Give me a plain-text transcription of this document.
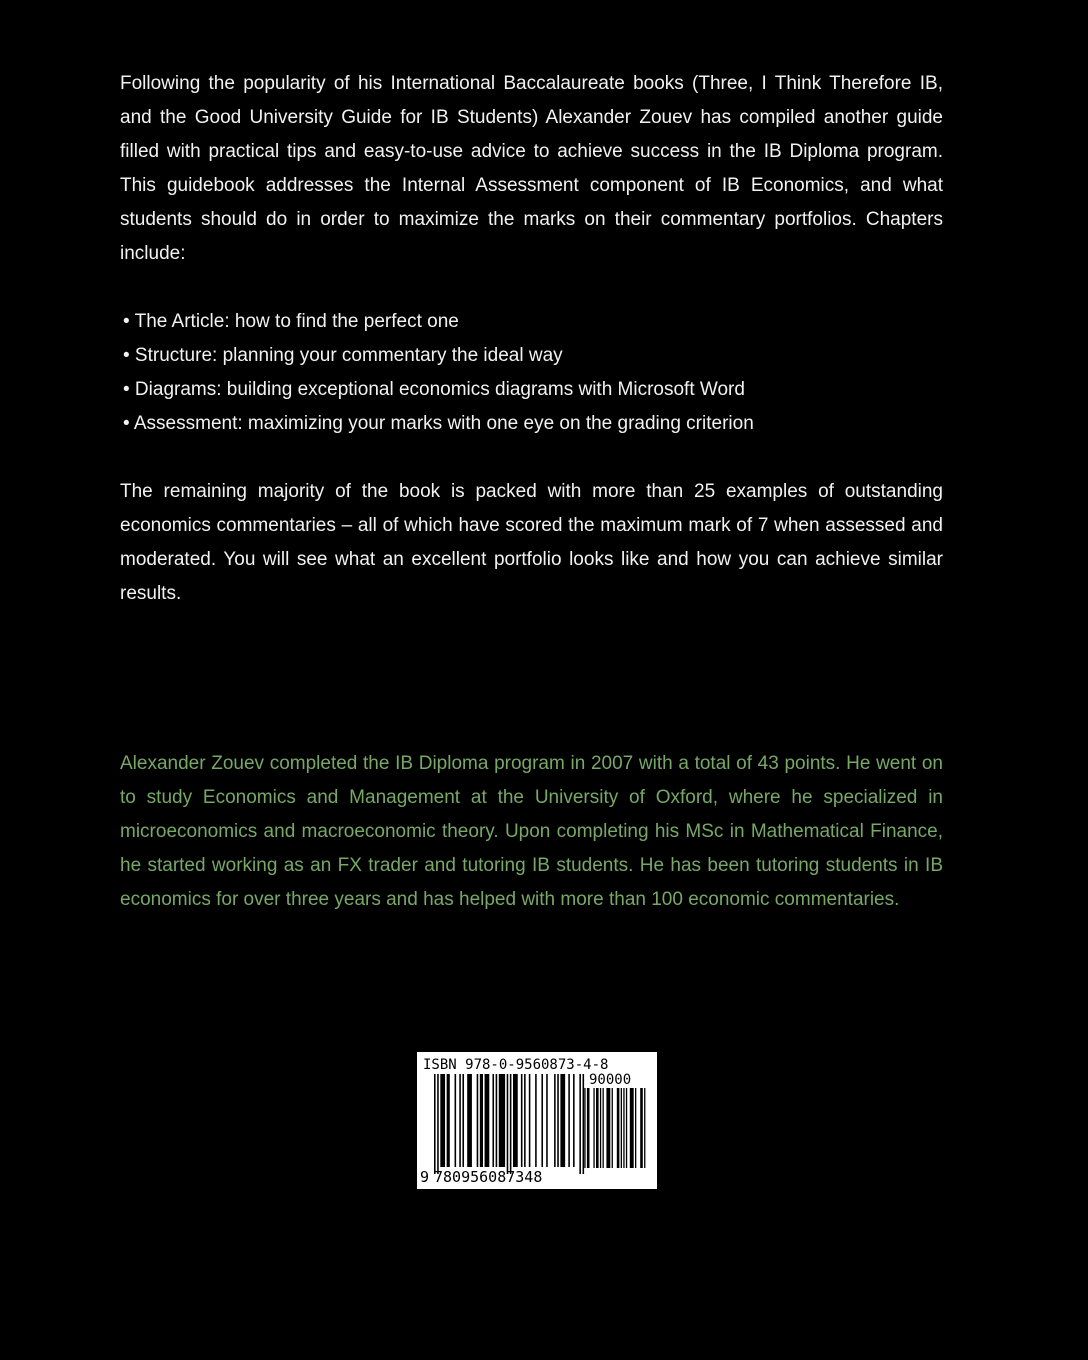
Following the popularity of his International Baccalaureate books (Three, I Think Therefore IB, and the Good University Guide for IB Students) Alexander Zouev has compiled another guide filled with practical tips and easy-to-use advice to achieve success in the IB Diploma program. This guidebook addresses the Internal Assessment component of IB Economics, and what students should do in order to maximize the marks on their commentary portfolios. Chapters include:

• The Article: how to find the perfect one
• Structure: planning your commentary the ideal way
• Diagrams: building exceptional economics diagrams with Microsoft Word
• Assessment: maximizing your marks with one eye on the grading criterion

The remaining majority of the book is packed with more than 25 examples of outstanding economics commentaries – all of which have scored the maximum mark of 7 when assessed and moderated. You will see what an excellent portfolio looks like and how you can achieve similar results.

Alexander Zouev completed the IB Diploma program in 2007 with a total of 43 points. He went on to study Economics and Management at the University of Oxford, where he specialized in microeconomics and macroeconomic theory. Upon completing his MSc in Mathematical Finance, he started working as an FX trader and tutoring IB students. He has been tutoring students in IB economics for over three years and has helped with more than 100 economic commentaries.

ISBN 978-0-9560873-4-8
90000
9 780956087348
